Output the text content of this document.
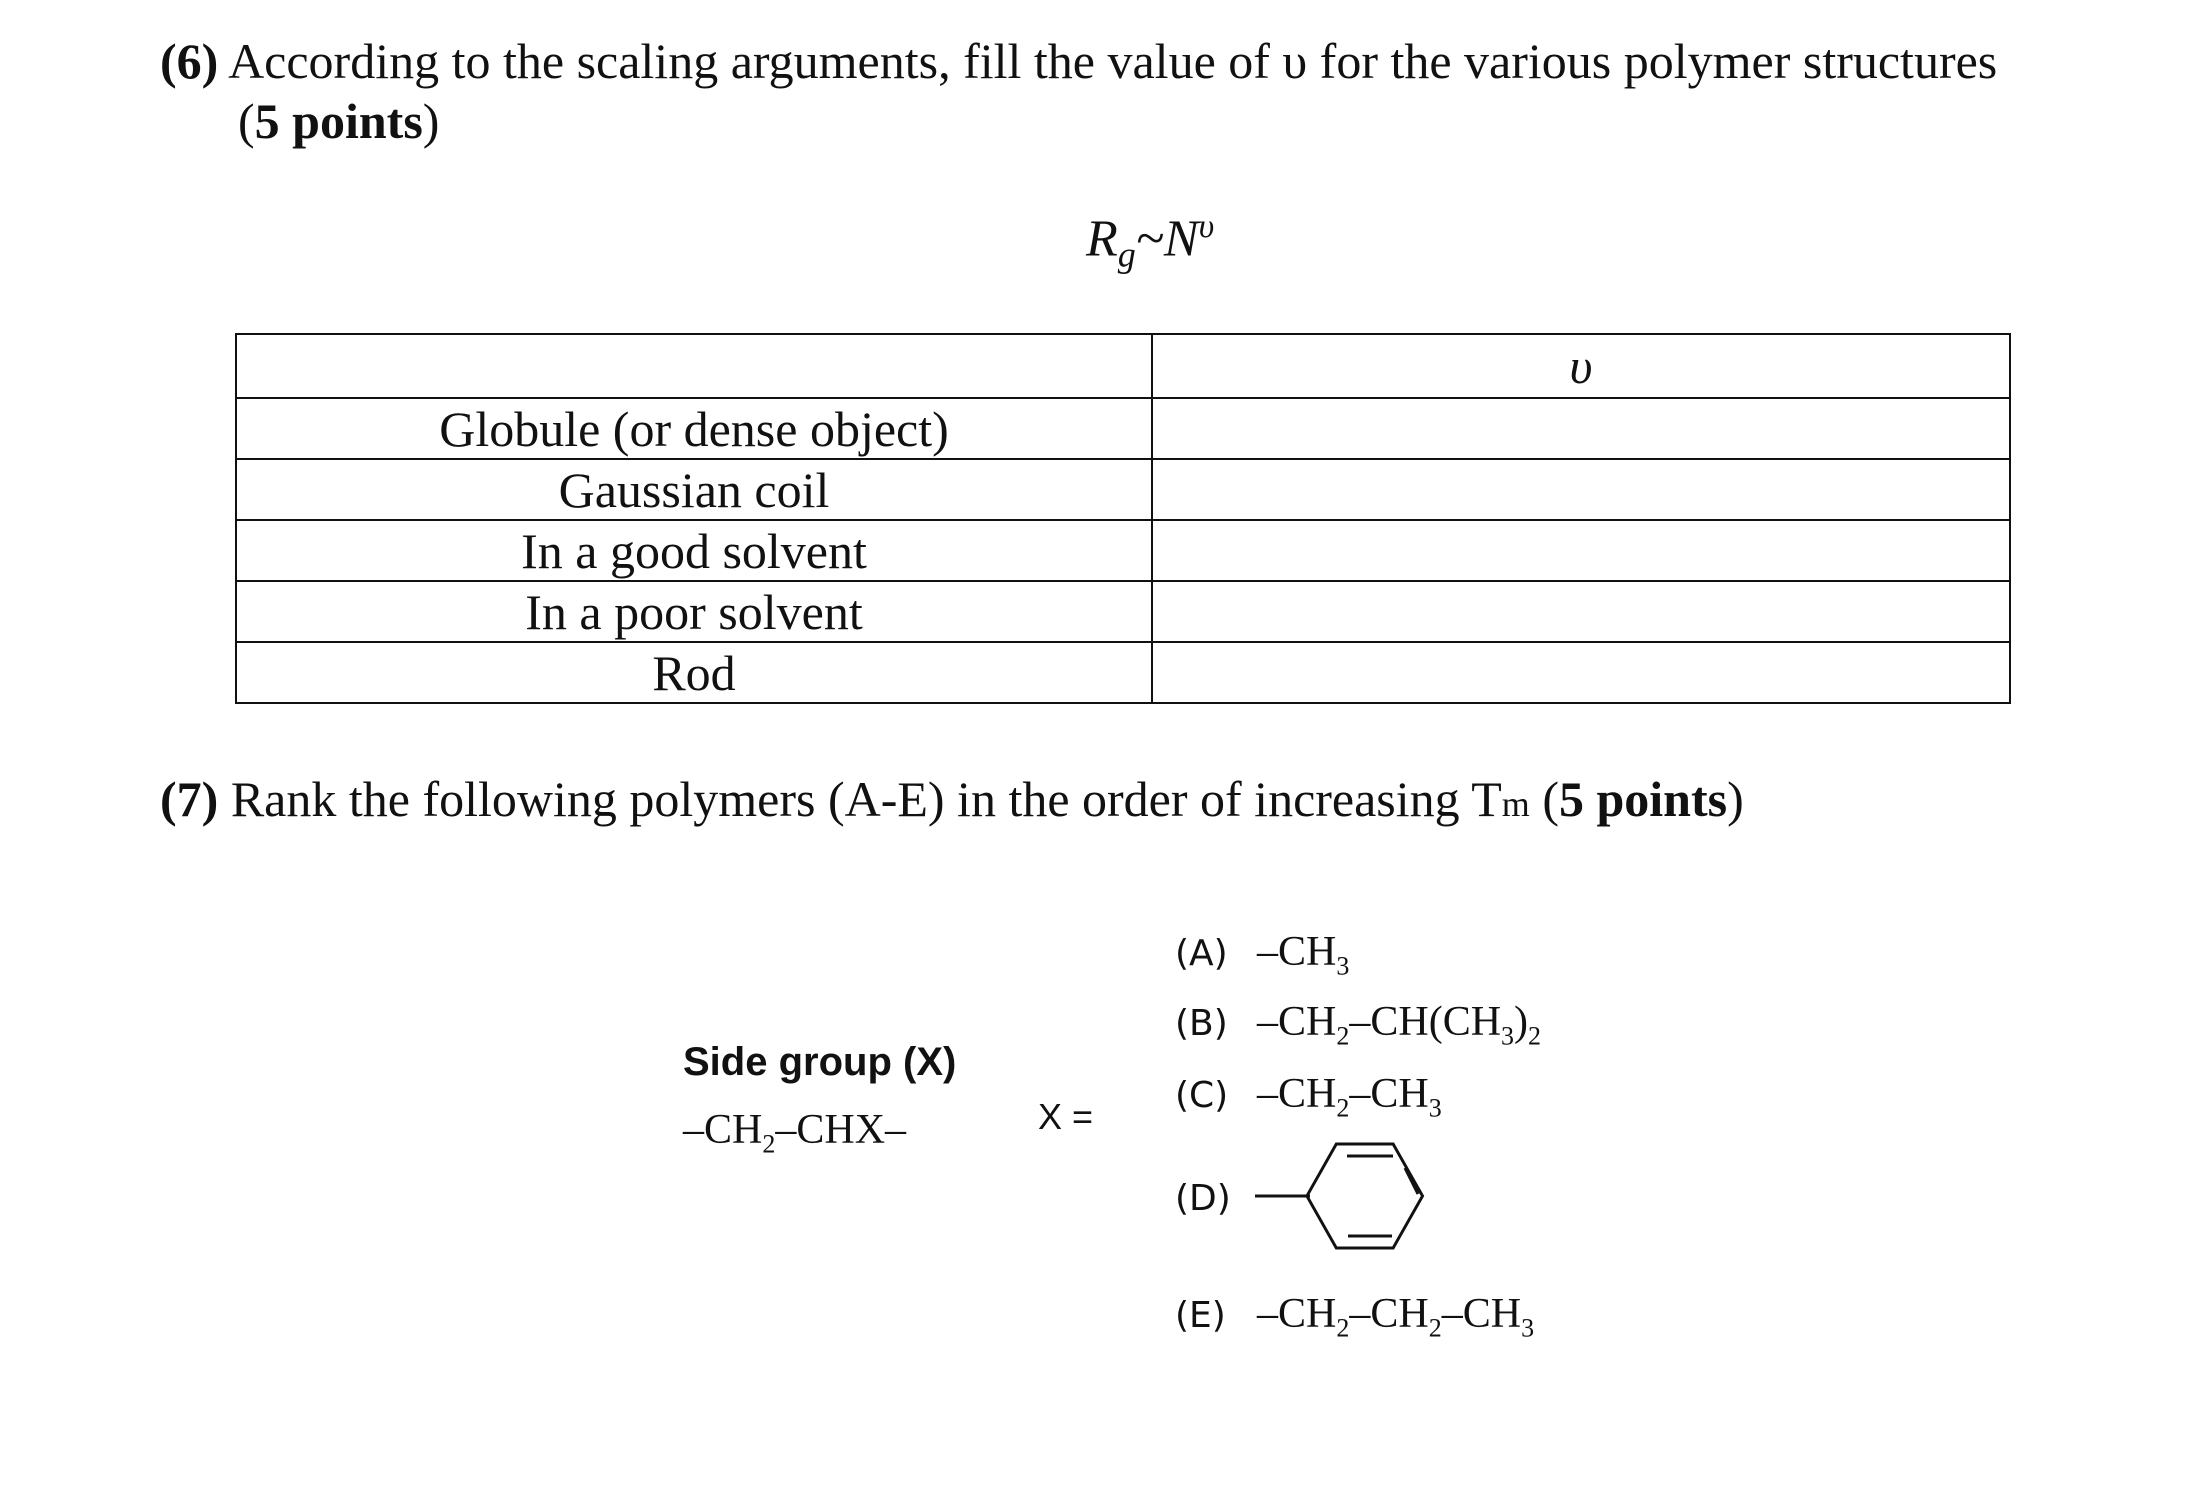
(6) According to the scaling arguments, fill the value of υ for the various polymer structures
(5 points)
$R_g\sim N^\upsilon$
	υ
Globule (or dense object)	
Gaussian coil	
In a good solvent	
In a poor solvent	
Rod	
(7) Rank the following polymers (A-E) in the order of increasing Tm (5 points)
Side group (X)
$-CH_2-CHX-$	X =
(A) $-CH_3$
(B) $-CH_2-CH(CH_3)_2$
(C) $-CH_2-CH_3$
(D)
(E) $-CH_2-CH_2-CH_3$
